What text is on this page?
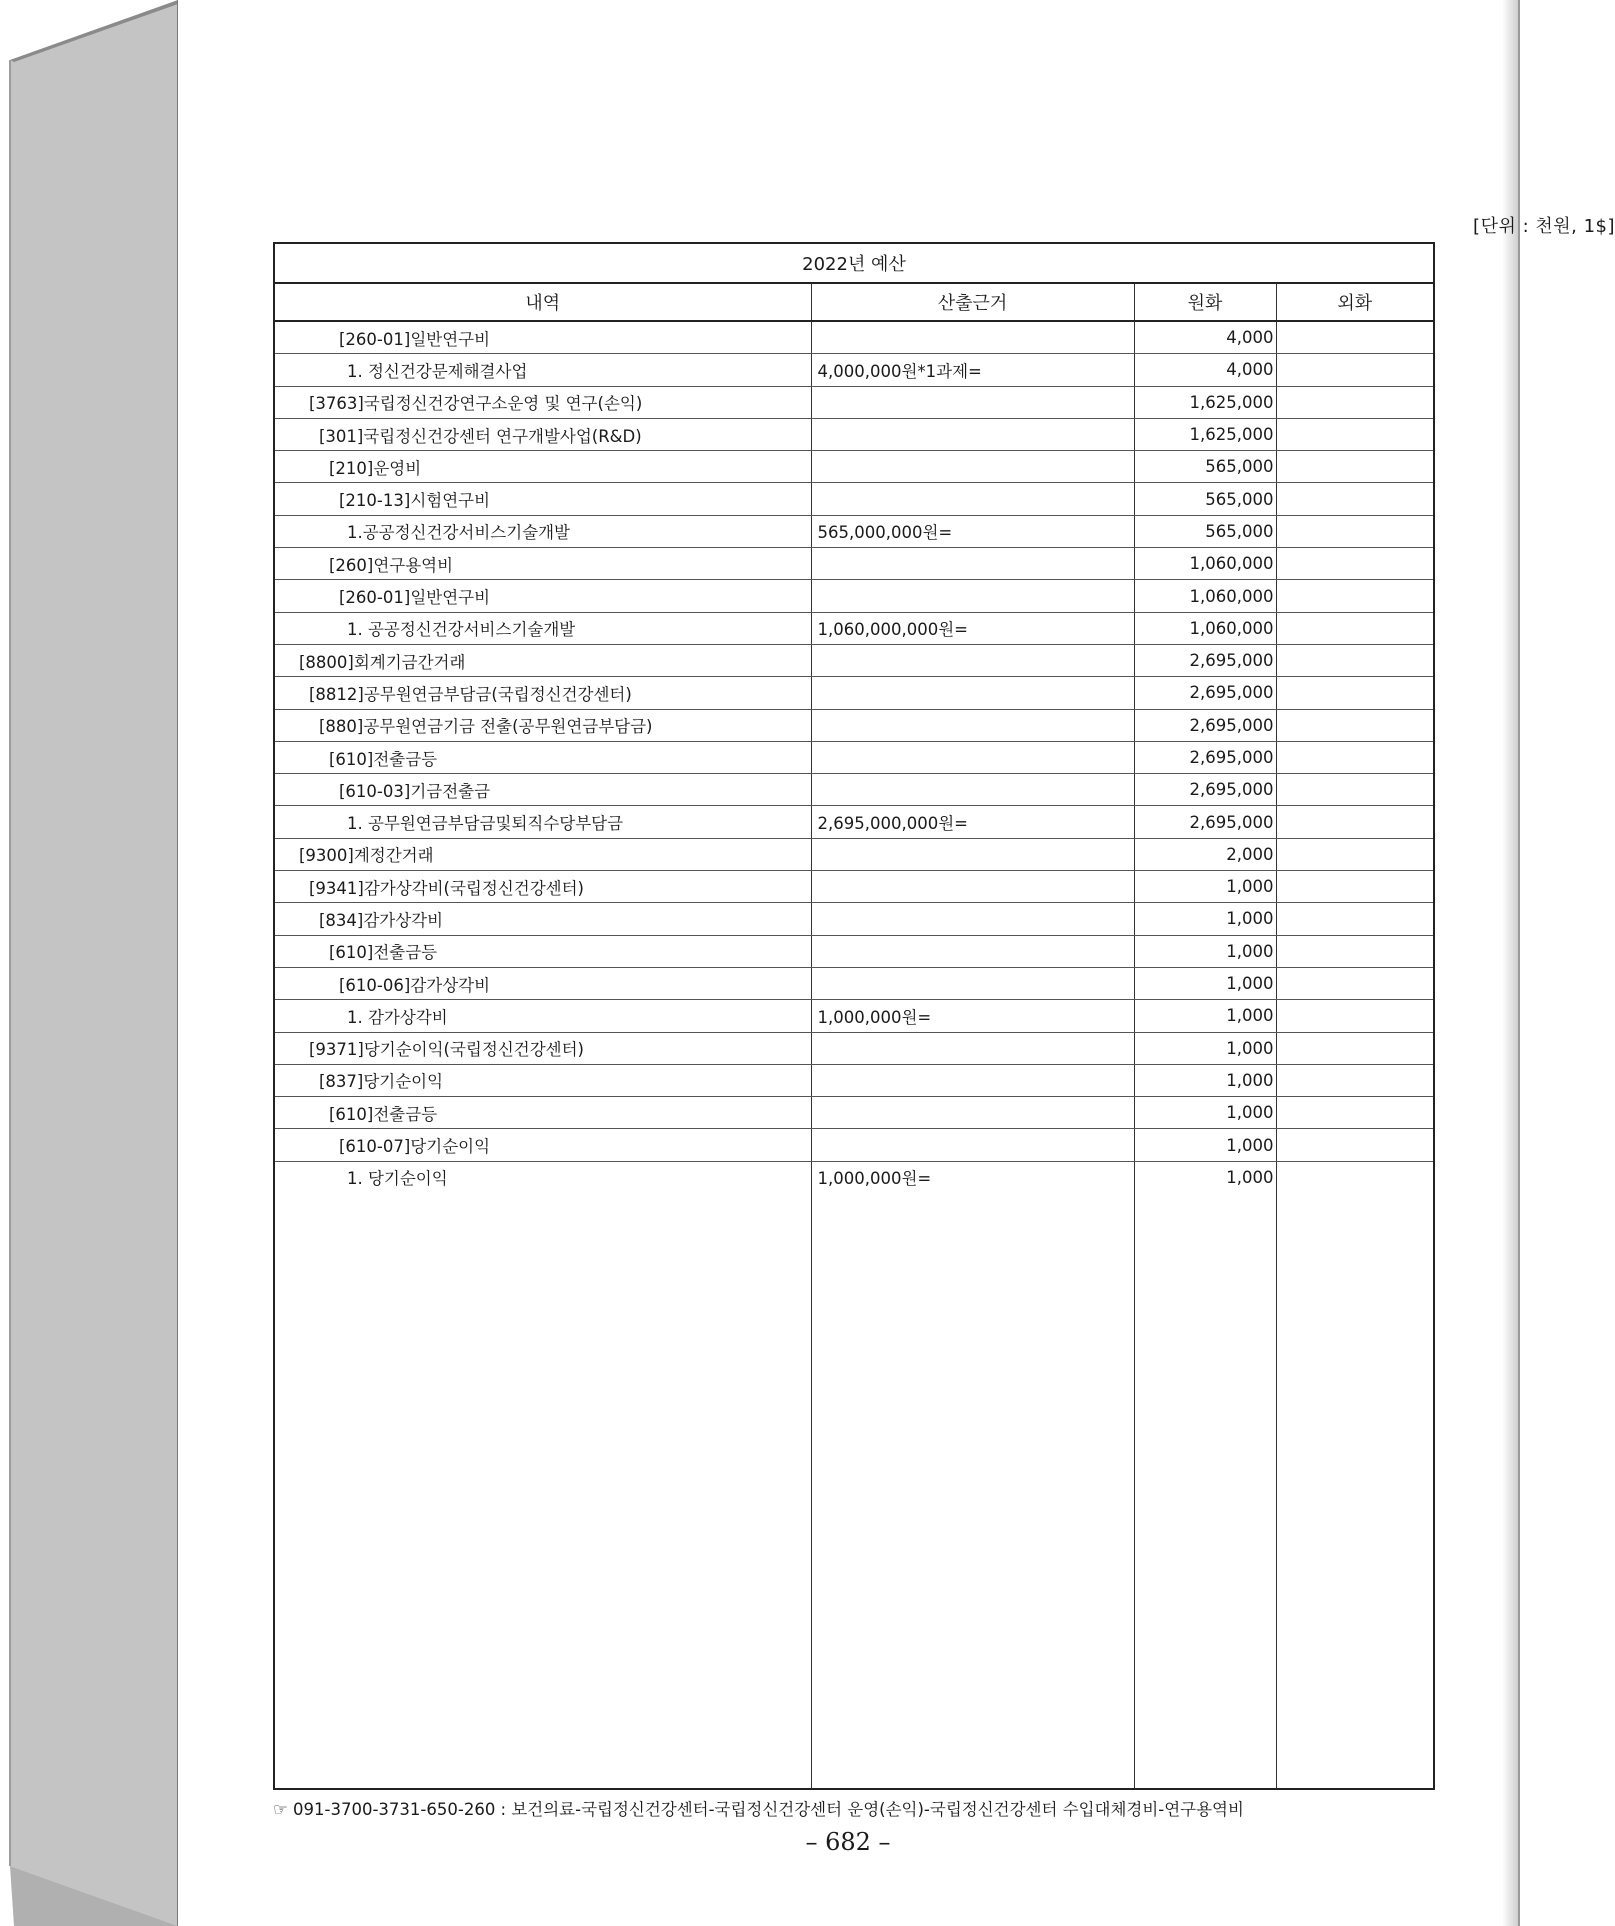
[단위 : 천원, 1$]
2022년 예산			
내역	산출근거	원화	외화
[260-01]일반연구비		4,000	
1. 정신건강문제해결사업	4,000,000원*1과제=	4,000	
[3763]국립정신건강연구소운영 및 연구(손익)		1,625,000	
[301]국립정신건강센터 연구개발사업(R&D)		1,625,000	
[210]운영비		565,000	
[210-13]시험연구비		565,000	
1.공공정신건강서비스기술개발	565,000,000원=	565,000	
[260]연구용역비		1,060,000	
[260-01]일반연구비		1,060,000	
1. 공공정신건강서비스기술개발	1,060,000,000원=	1,060,000	
[8800]회계기금간거래		2,695,000	
[8812]공무원연금부담금(국립정신건강센터)		2,695,000	
[880]공무원연금기금 전출(공무원연금부담금)		2,695,000	
[610]전출금등		2,695,000	
[610-03]기금전출금		2,695,000	
1. 공무원연금부담금및퇴직수당부담금	2,695,000,000원=	2,695,000	
[9300]계정간거래		2,000	
[9341]감가상각비(국립정신건강센터)		1,000	
[834]감가상각비		1,000	
[610]전출금등		1,000	
[610-06]감가상각비		1,000	
1. 감가상각비	1,000,000원=	1,000	
[9371]당기순이익(국립정신건강센터)		1,000	
[837]당기순이익		1,000	
[610]전출금등		1,000	
[610-07]당기순이익		1,000	
1. 당기순이익	1,000,000원=	1,000	
☞ 091-3700-3731-650-260 : 보건의료-국립정신건강센터-국립정신건강센터 운영(손익)-국립정신건강센터 수입대체경비-연구용역비
– 682 –
